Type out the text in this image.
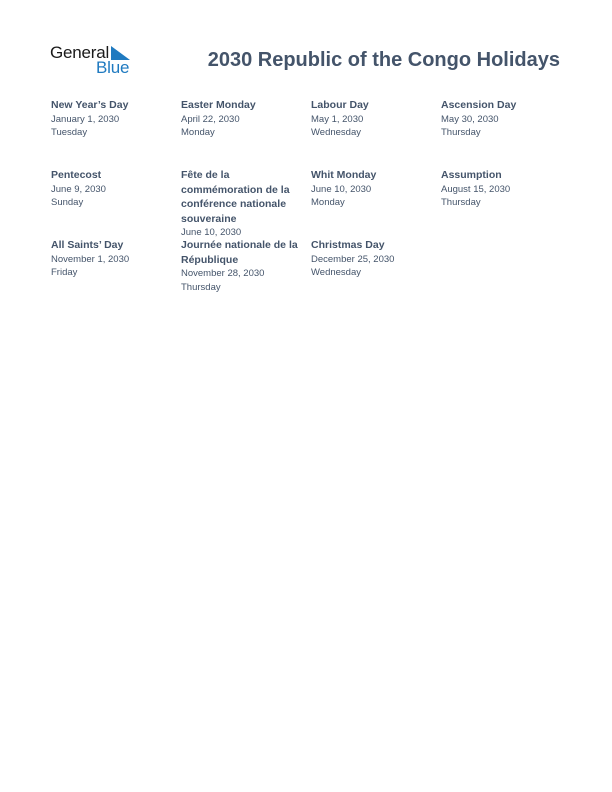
General
Blue	2030 Republic of the Congo Holidays
New Year’s Day
January 1, 2030
Tuesday
Easter Monday
April 22, 2030
Monday
Labour Day
May 1, 2030
Wednesday
Ascension Day
May 30, 2030
Thursday
Pentecost
June 9, 2030
Sunday
Fête de la commémoration de la conférence nationale souveraine
June 10, 2030
Whit Monday
June 10, 2030
Monday
Assumption
August 15, 2030
Thursday
All Saints’ Day
November 1, 2030
Friday
Journée nationale de la République
November 28, 2030
Thursday
Christmas Day
December 25, 2030
Wednesday
